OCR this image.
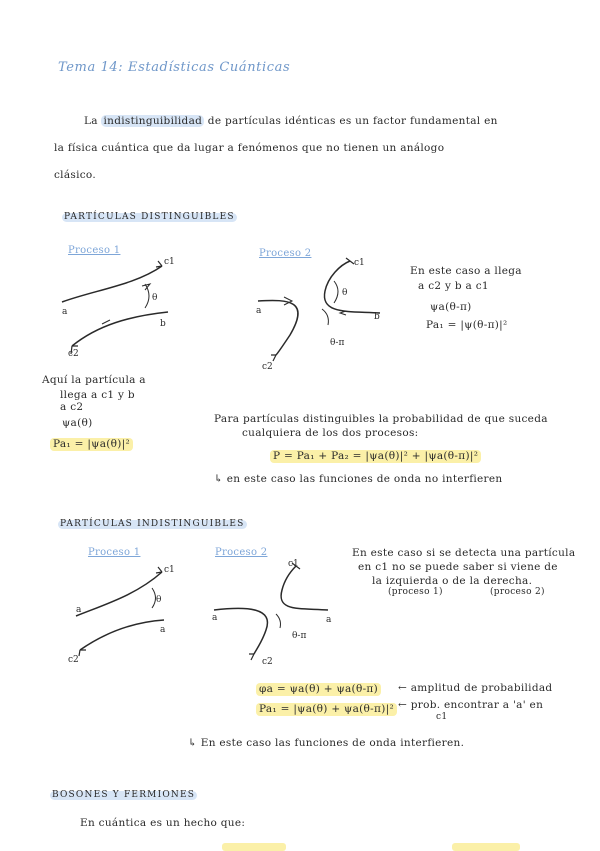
Tema 14: Estadísticas Cuánticas
La indistinguibilidad de partículas idénticas es un factor fundamental en
la física cuántica que da lugar a fenómenos que no tienen un análogo
clásico.
PARTÍCULAS DISTINGUIBLES
Proceso 1	Proceso 2
a
b
c1
c2
θ
a
b
c1
c2
θ
θ-π
En este caso a llega
a c2 y b a c1
ψa(θ-π)
Pa₁ = |ψ(θ-π)|²
Aquí la partícula a
llega a c1 y b
a c2
ψa(θ)
Pa₁ = |ψa(θ)|²
Para partículas distinguibles la probabilidad de que suceda
cualquiera de los dos procesos:
P = Pa₁ + Pa₂ = |ψa(θ)|² + |ψa(θ-π)|²
↳ en este caso las funciones de onda no interfieren
PARTÍCULAS INDISTINGUIBLES
Proceso 1	Proceso 2
a
a
c1
c2
θ
a	a
c1
c2
θ-π
En este caso si se detecta una partícula
en c1 no se puede saber si viene de
la izquierda o de la derecha.
(proceso 1)	(proceso 2)
φa = ψa(θ) + ψa(θ-π) ← amplitud de probabilidad
Pa₁ = |ψa(θ) + ψa(θ-π)|² ← prob. encontrar a 'a' en
c1
↳ En este caso las funciones de onda interfieren.
BOSONES Y FERMIONES
En cuántica es un hecho que:
